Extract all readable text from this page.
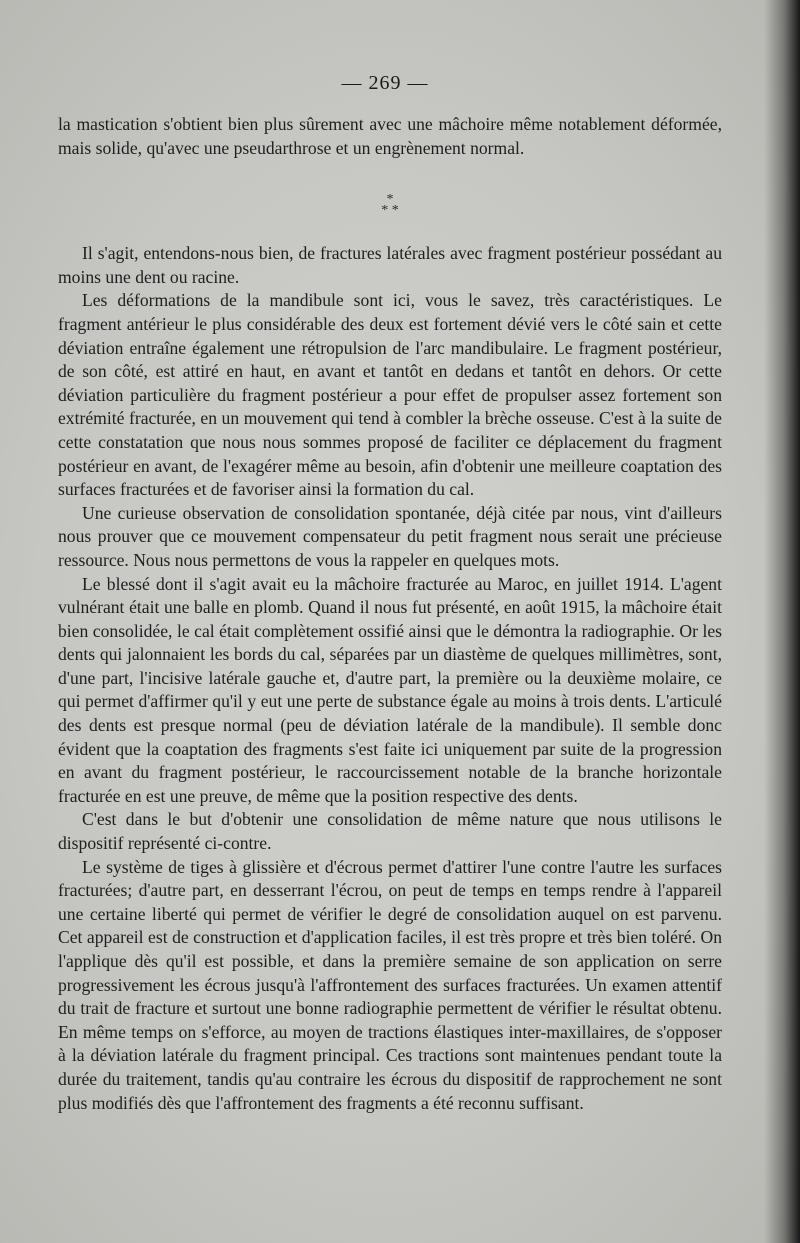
— 269 —

la mastication s'obtient bien plus sûrement avec une mâchoire même notablement déformée, mais solide, qu'avec une pseudarthrose et un engrènement normal.

*
* *

Il s'agit, entendons-nous bien, de fractures latérales avec fragment postérieur possédant au moins une dent ou racine.

Les déformations de la mandibule sont ici, vous le savez, très caractéristiques. Le fragment antérieur le plus considérable des deux est fortement dévié vers le côté sain et cette déviation entraîne également une rétropulsion de l'arc mandibulaire. Le fragment postérieur, de son côté, est attiré en haut, en avant et tantôt en dedans et tantôt en dehors. Or cette déviation particulière du fragment postérieur a pour effet de propulser assez fortement son extrémité fracturée, en un mouvement qui tend à combler la brèche osseuse. C'est à la suite de cette constatation que nous nous sommes proposé de faciliter ce déplacement du fragment postérieur en avant, de l'exagérer même au besoin, afin d'obtenir une meilleure coaptation des surfaces fracturées et de favoriser ainsi la formation du cal.

Une curieuse observation de consolidation spontanée, déjà citée par nous, vint d'ailleurs nous prouver que ce mouvement compensateur du petit fragment nous serait une précieuse ressource. Nous nous permettons de vous la rappeler en quelques mots.

Le blessé dont il s'agit avait eu la mâchoire fracturée au Maroc, en juillet 1914. L'agent vulnérant était une balle en plomb. Quand il nous fut présenté, en août 1915, la mâchoire était bien consolidée, le cal était complètement ossifié ainsi que le démontra la radiographie. Or les dents qui jalonnaient les bords du cal, séparées par un diastème de quelques millimètres, sont, d'une part, l'incisive latérale gauche et, d'autre part, la première ou la deuxième molaire, ce qui permet d'affirmer qu'il y eut une perte de substance égale au moins à trois dents. L'articulé des dents est presque normal (peu de déviation latérale de la mandibule). Il semble donc évident que la coaptation des fragments s'est faite ici uniquement par suite de la progression en avant du fragment postérieur, le raccourcissement notable de la branche horizontale fracturée en est une preuve, de même que la position respective des dents.

C'est dans le but d'obtenir une consolidation de même nature que nous utilisons le dispositif représenté ci-contre.

Le système de tiges à glissière et d'écrous permet d'attirer l'une contre l'autre les surfaces fracturées; d'autre part, en desserrant l'écrou, on peut de temps en temps rendre à l'appareil une certaine liberté qui permet de vérifier le degré de consolidation auquel on est parvenu. Cet appareil est de construction et d'application faciles, il est très propre et très bien toléré. On l'applique dès qu'il est possible, et dans la première semaine de son application on serre progressivement les écrous jusqu'à l'affrontement des surfaces fracturées. Un examen attentif du trait de fracture et surtout une bonne radiographie permettent de vérifier le résultat obtenu. En même temps on s'efforce, au moyen de tractions élastiques inter-maxillaires, de s'opposer à la déviation latérale du fragment principal. Ces tractions sont maintenues pendant toute la durée du traitement, tandis qu'au contraire les écrous du dispositif de rapprochement ne sont plus modifiés dès que l'affrontement des fragments a été reconnu suffisant.
